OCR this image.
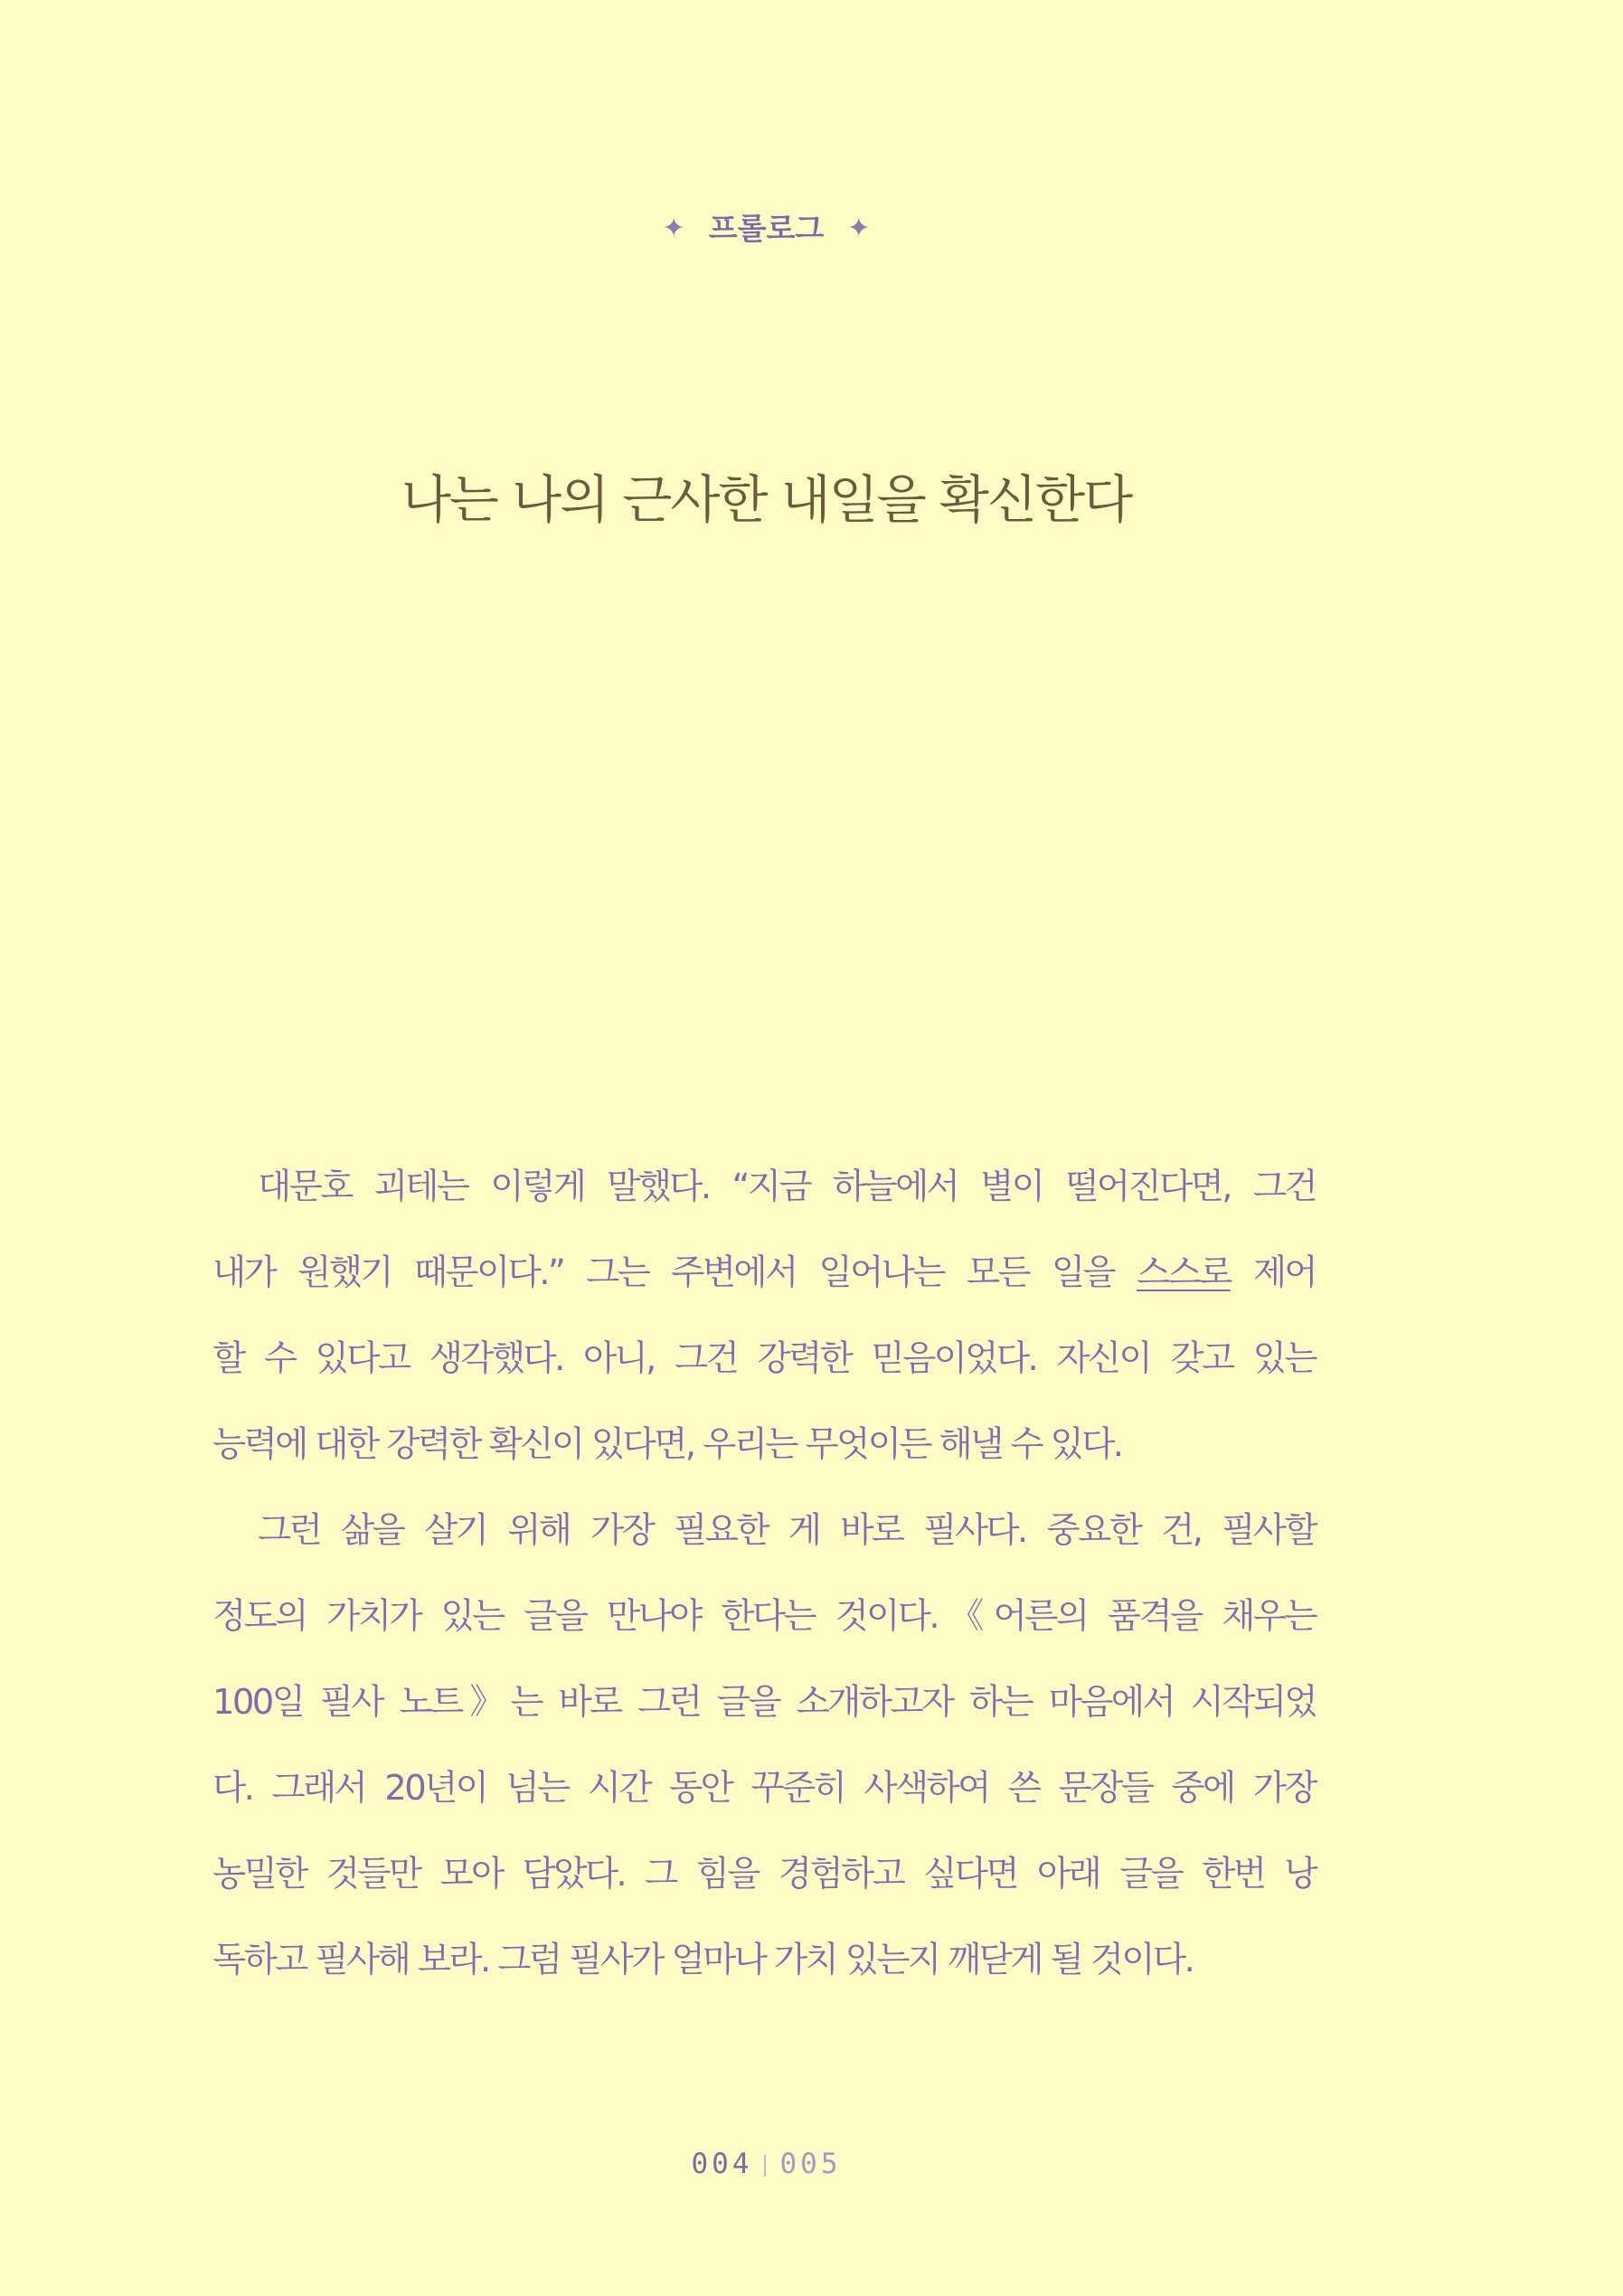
✦ 프롤로그 ✦
나는 나의 근사한 내일을 확신한다
대문호 괴테는 이렇게 말했다. “지금 하늘에서 별이 떨어진다면, 그건
내가 원했기 때문이다.” 그는 주변에서 일어나는 모든 일을 스스로 제어
할 수 있다고 생각했다. 아니, 그건 강력한 믿음이었다. 자신이 갖고 있는
능력에 대한 강력한 확신이 있다면, 우리는 무엇이든 해낼 수 있다.
그런 삶을 살기 위해 가장 필요한 게 바로 필사다. 중요한 건, 필사할
정도의 가치가 있는 글을 만나야 한다는 것이다.《어른의 품격을 채우는
100일 필사 노트》는 바로 그런 글을 소개하고자 하는 마음에서 시작되었
다. 그래서 20년이 넘는 시간 동안 꾸준히 사색하여 쓴 문장들 중에 가장
농밀한 것들만 모아 담았다. 그 힘을 경험하고 싶다면 아래 글을 한번 낭
독하고 필사해 보라. 그럼 필사가 얼마나 가치 있는지 깨닫게 될 것이다.
004 005
